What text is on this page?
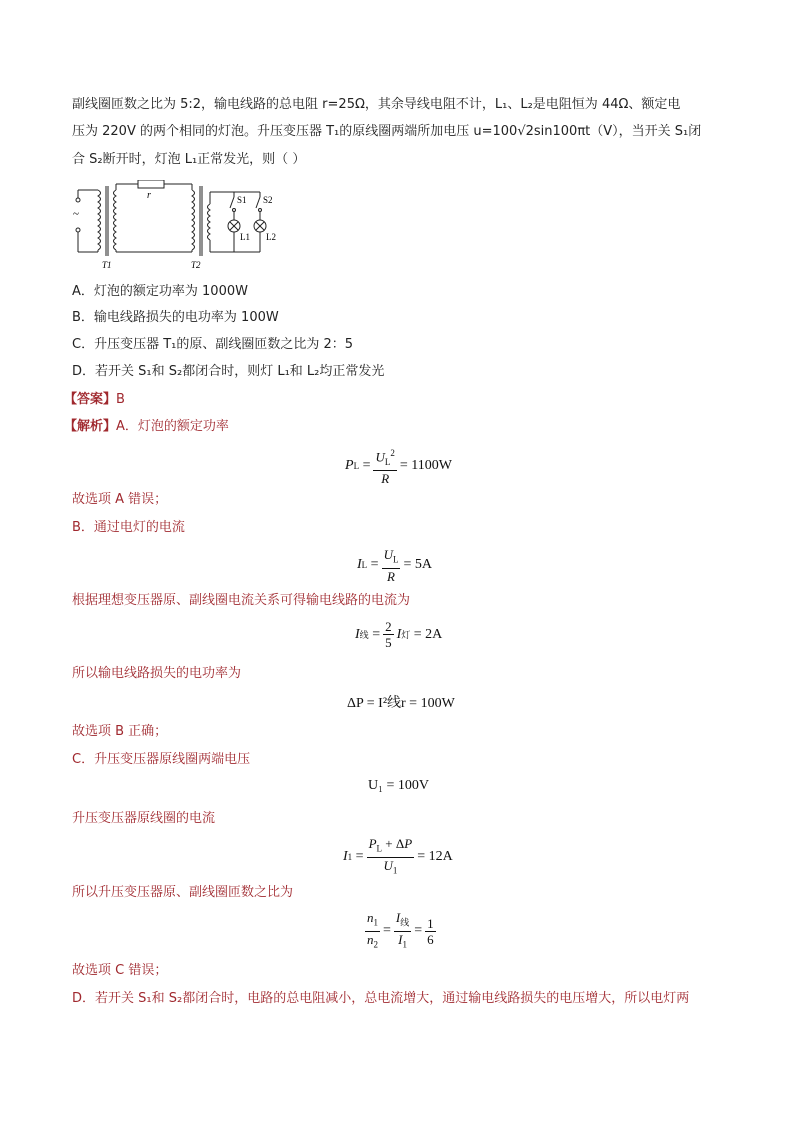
副线圈匝数之比为 5:2，输电线路的总电阻 r=25Ω，其余导线电阻不计，L₁、L₂是电阻恒为 44Ω、额定电
压为 220V 的两个相同的灯泡。升压变压器 T₁的原线圈两端所加电压 u=100√2sin100πt（V），当开关 S₁闭
合 S₂断开时，灯泡 L₁正常发光，则（ ）
~
r
T1	T2
S1 S2
L1 L2
A．灯泡的额定功率为 1000W
B．输电线路损失的电功率为 100W
C．升压变压器 T₁的原、副线圈匝数之比为 2：5
D．若开关 S₁和 S₂都闭合时，则灯 L₁和 L₂均正常发光
【答案】B
【解析】A．灯泡的额定功率
P $L = \frac{U_L^2}{R} = 1100W$
故选项 A 错误；
B．通过电灯的电流
I $L = \frac{U_L}{R} = 5A$
根据理想变压器原、副线圈电流关系可得输电线路的电流为
I 线 = $\frac{2}{5}$ I 灯
= 2A
所以输电线路损失的电功率为
ΔP = I²线r = 100W
故选项 B 正确；
C．升压变压器原线圈两端电压
U₁ = 100V
升压变压器原线圈的电流
I $1 = \frac{P_L + \Delta P}{U_1} = 12A$
所以升压变压器原、副线圈匝数之比为
$\frac{n_1}{n_2} = \frac{I_线}{I_1} = \frac{1}{6}$
故选项 C 错误；
D．若开关 S₁和 S₂都闭合时，电路的总电阻减小，总电流增大，通过输电线路损失的电压增大，所以电灯两
